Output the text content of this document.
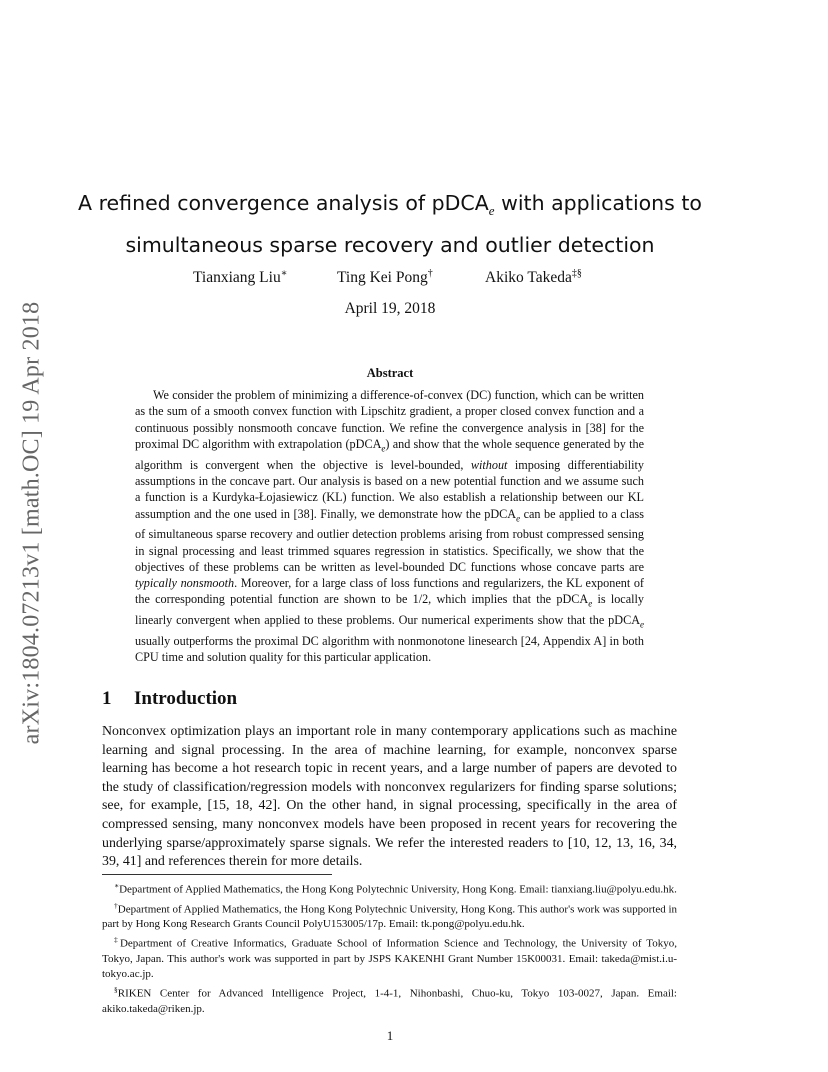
arXiv:1804.07213v1 [math.OC] 19 Apr 2018
A refined convergence analysis of pDCA$_e$ with applications to
simultaneous sparse recovery and outlier detection
Tianxiang Liu∗	Ting Kei Pong†	Akiko Takeda‡§
April 19, 2018
Abstract

We consider the problem of minimizing a difference-of-convex (DC) function, which can be written as the sum of a smooth convex function with Lipschitz gradient, a proper closed convex function and a continuous possibly nonsmooth concave function. We refine the convergence analysis in [38] for the proximal DC algorithm with extrapolation (pDCA$_e$) and show that the whole sequence generated by the algorithm is convergent when the objective is level-bounded, without imposing differentiability assumptions in the concave part. Our analysis is based on a new potential function and we assume such a function is a Kurdyka-Łojasiewicz (KL) function. We also establish a relationship between our KL assumption and the one used in [38]. Finally, we demonstrate how the pDCA$_e$ can be applied to a class of simultaneous sparse recovery and outlier detection problems arising from robust compressed sensing in signal processing and least trimmed squares regression in statistics. Specifically, we show that the objectives of these problems can be written as level-bounded DC functions whose concave parts are typically nonsmooth. Moreover, for a large class of loss functions and regularizers, the KL exponent of the corresponding potential function are shown to be 1/2, which implies that the pDCA$_e$ is locally linearly convergent when applied to these problems. Our numerical experiments show that the pDCA$_e$ usually outperforms the proximal DC algorithm with nonmonotone linesearch [24, Appendix A] in both CPU time and solution quality for this particular application.

1 Introduction

Nonconvex optimization plays an important role in many contemporary applications such as machine learning and signal processing. In the area of machine learning, for example, nonconvex sparse learning has become a hot research topic in recent years, and a large number of papers are devoted to the study of classification/regression models with nonconvex regularizers for finding sparse solutions; see, for example, [15, 18, 42]. On the other hand, in signal processing, specifically in the area of compressed sensing, many nonconvex models have been proposed in recent years for recovering the underlying sparse/approximately sparse signals. We refer the interested readers to [10, 12, 13, 16, 34, 39, 41] and references therein for more details.

∗Department of Applied Mathematics, the Hong Kong Polytechnic University, Hong Kong. Email: tianxiang.liu@polyu.edu.hk.

†Department of Applied Mathematics, the Hong Kong Polytechnic University, Hong Kong. This author's work was supported in part by Hong Kong Research Grants Council PolyU153005/17p. Email: tk.pong@polyu.edu.hk.

‡Department of Creative Informatics, Graduate School of Information Science and Technology, the University of Tokyo, Tokyo, Japan. This author's work was supported in part by JSPS KAKENHI Grant Number 15K00031. Email: takeda@mist.i.u-tokyo.ac.jp.

§RIKEN Center for Advanced Intelligence Project, 1-4-1, Nihonbashi, Chuo-ku, Tokyo 103-0027, Japan. Email: akiko.takeda@riken.jp.

1
